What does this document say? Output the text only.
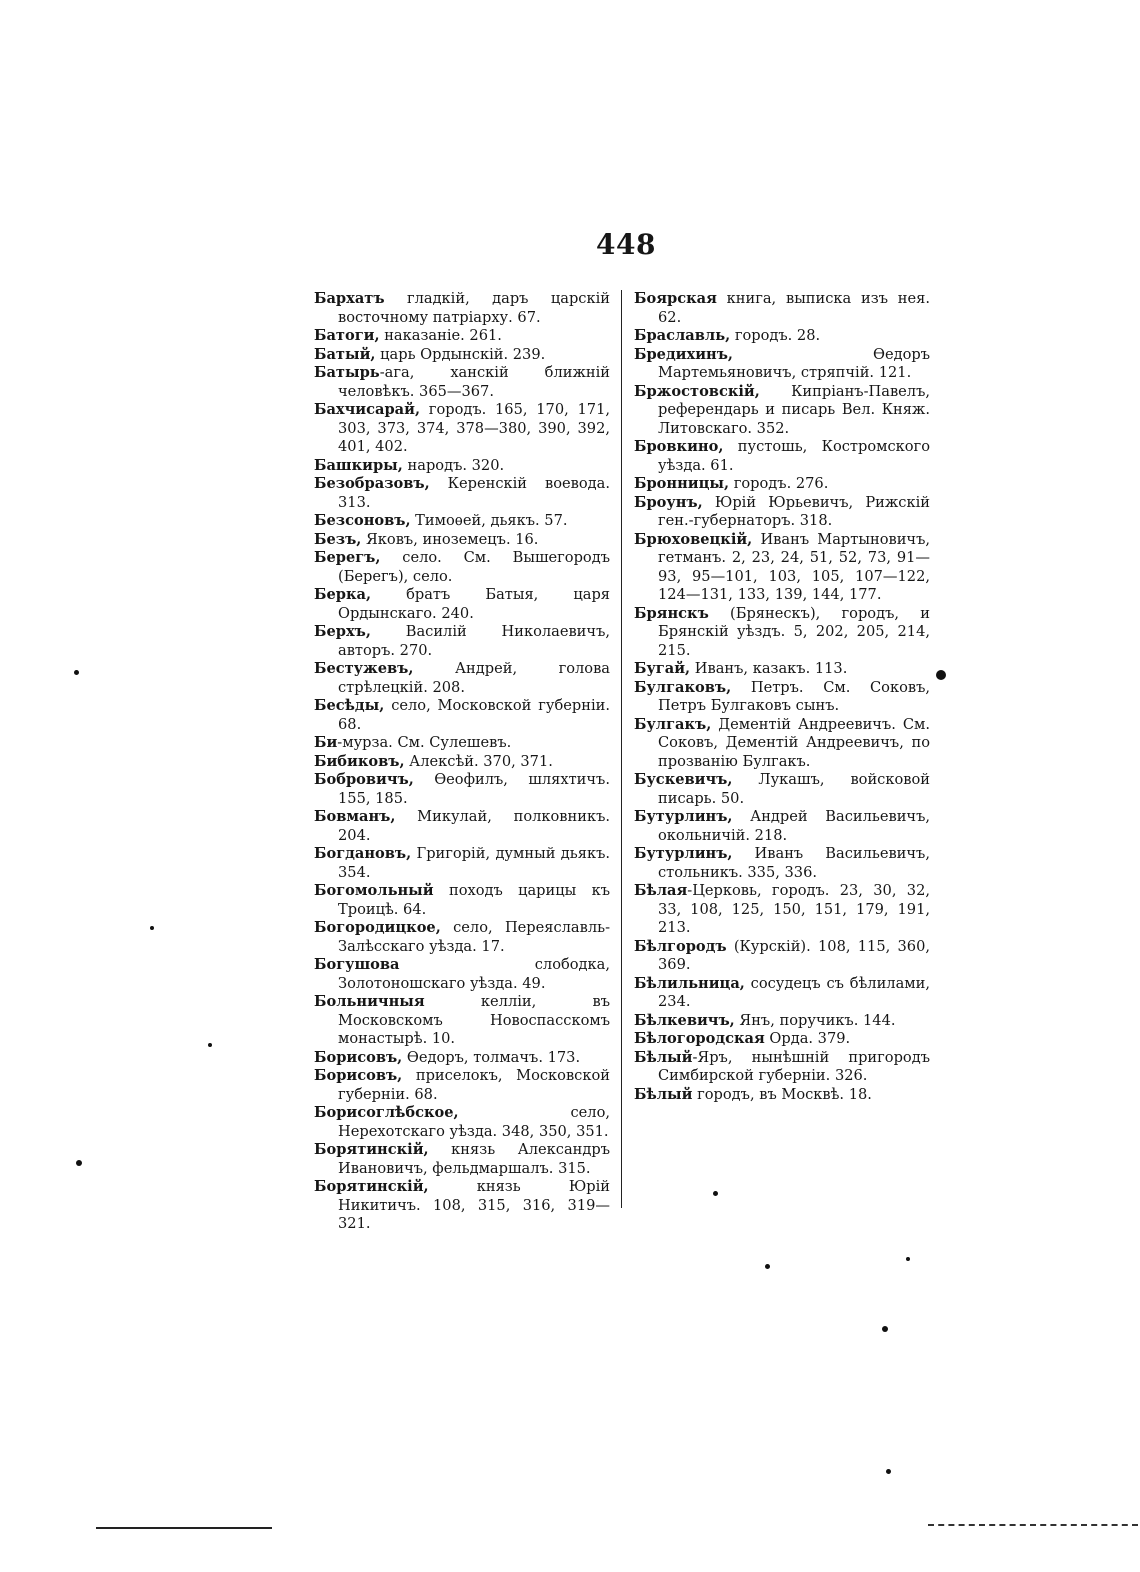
448
Бархатъ гладкій, даръ царскій восточному патріарху. 67.
Батоги, наказаніе. 261.
Батый, царь Ордынскій. 239.
Батырь-ага, ханскій ближній человѣкъ. 365—367.
Бахчисарай, городъ. 165, 170, 171, 303, 373, 374, 378—380, 390, 392, 401, 402.
Башкиры, народъ. 320.
Безобразовъ, Керенскій воевода. 313.
Безсоновъ, Тимоѳей, дьякъ. 57.
Безъ, Яковъ, иноземецъ. 16.
Берегъ, село. См. Вышегородъ (Берегъ), село.
Берка, братъ Батыя, царя Ордынскаго. 240.
Берхъ, Василій Николаевичъ, авторъ. 270.
Бестужевъ, Андрей, голова стрѣлецкій. 208.
Бесѣды, село, Московской губерніи. 68.
Би-мурза. См. Сулешевъ.
Бибиковъ, Алексѣй. 370, 371.
Бобровичъ, Ѳеофилъ, шляхтичъ. 155, 185.
Бовманъ, Микулай, полковникъ. 204.
Богдановъ, Григорій, думный дьякъ. 354.
Богомольный походъ царицы къ Троицѣ. 64.
Богородицкое, село, Переяславль-Залѣсскаго уѣзда. 17.
Богушова слободка, Золотоношскаго уѣзда. 49.
Больничныя келліи, въ Московскомъ Новоспасскомъ монастырѣ. 10.
Борисовъ, Ѳедоръ, толмачъ. 173.
Борисовъ, приселокъ, Московской губерніи. 68.
Борисоглѣбское, село, Нерехотскаго уѣзда. 348, 350, 351.
Борятинскій, князь Александръ Ивановичъ, фельдмаршалъ. 315.
Борятинскій, князь Юрій Никитичъ. 108, 315, 316, 319—321.
Боярская книга, выписка изъ нея. 62.
Браславль, городъ. 28.
Бредихинъ, Ѳедоръ Мартемьяновичъ, стряпчій. 121.
Бржостовскій, Кипріанъ-Павелъ, референдарь и писарь Вел. Княж. Литовскаго. 352.
Бровкино, пустошь, Костромского уѣзда. 61.
Бронницы, городъ. 276.
Броунъ, Юрій Юрьевичъ, Рижскій ген.-губернаторъ. 318.
Брюховецкій, Иванъ Мартыновичъ, гетманъ. 2, 23, 24, 51, 52, 73, 91—93, 95—101, 103, 105, 107—122, 124—131, 133, 139, 144, 177.
Брянскъ (Брянескъ), городъ, и Брянскій уѣздъ. 5, 202, 205, 214, 215.
Бугай, Иванъ, казакъ. 113.
Булгаковъ, Петръ. См. Соковъ, Петръ Булгаковъ сынъ.
Булгакъ, Дементій Андреевичъ. См. Соковъ, Дементій Андреевичъ, по прозванію Булгакъ.
Бускевичъ, Лукашъ, войсковой писарь. 50.
Бутурлинъ, Андрей Васильевичъ, окольничій. 218.
Бутурлинъ, Иванъ Васильевичъ, стольникъ. 335, 336.
Бѣлая-Церковь, городъ. 23, 30, 32, 33, 108, 125, 150, 151, 179, 191, 213.
Бѣлгородъ (Курскій). 108, 115, 360, 369.
Бѣлильница, сосудецъ съ бѣлилами, 234.
Бѣлкевичъ, Янъ, поручикъ. 144.
Бѣлогородская Орда. 379.
Бѣлый-Яръ, нынѣшній пригородъ Симбирской губерніи. 326.
Бѣлый городъ, въ Москвѣ. 18.
